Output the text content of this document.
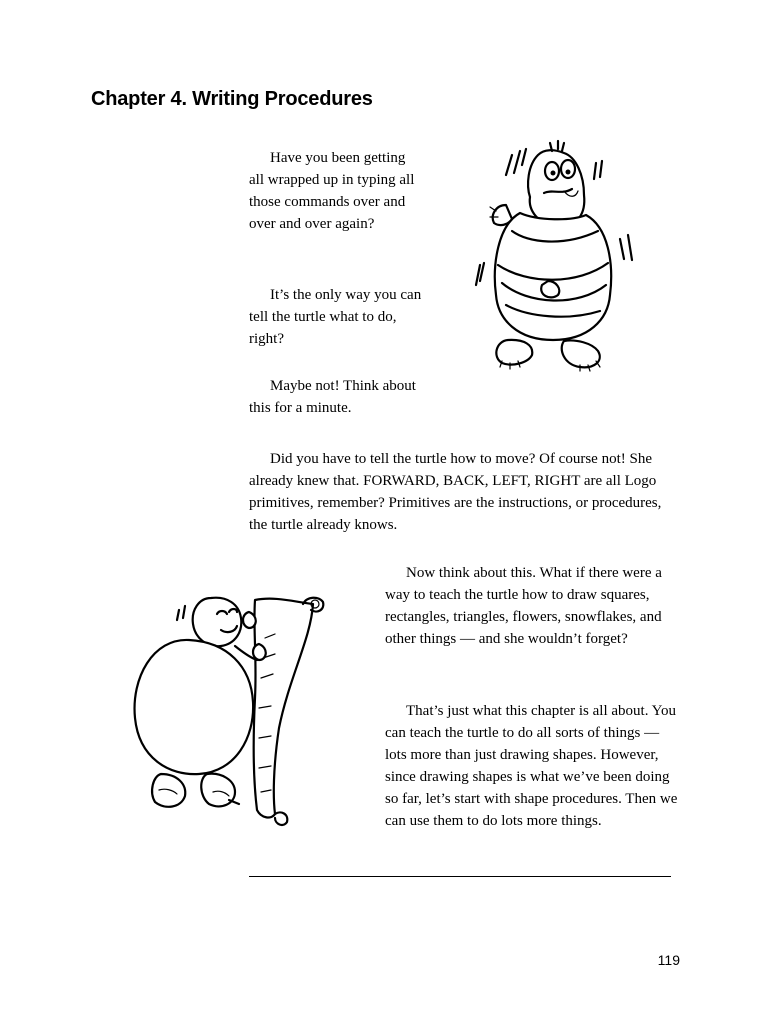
Chapter 4. Writing Procedures

Have you been getting all wrapped up in typing all those commands over and over and over again?

It’s the only way you can tell the turtle what to do, right?

Maybe not! Think about this for a minute.

Did you have to tell the turtle how to move? Of course not! She already knew that. FORWARD, BACK, LEFT, RIGHT are all Logo primitives, remember? Primitives are the instructions, or procedures, the turtle already knows.

Now think about this. What if there were a way to teach the turtle how to draw squares, rectangles, triangles, flowers, snowflakes, and other things — and she wouldn’t forget?

That’s just what this chapter is all about. You can teach the turtle to do all sorts of things — lots more than just drawing shapes. However, since drawing shapes is what we’ve been doing so far, let’s start with shape procedures. Then we can use them to do lots more things.

119
